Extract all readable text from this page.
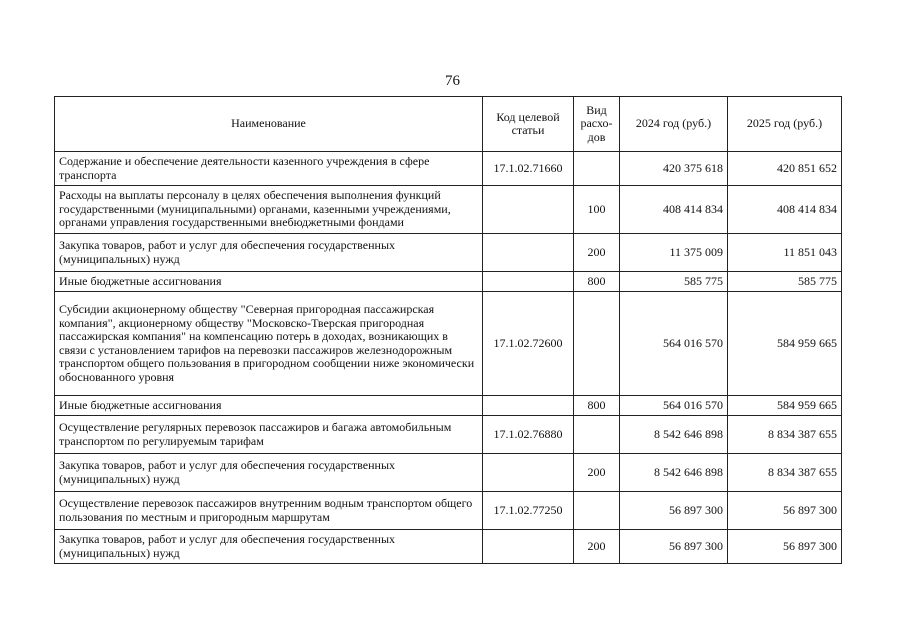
76
Наименование	Код целевой статьи	Вид расхо-дов	2024 год (руб.)	2025 год (руб.)
Содержание и обеспечение деятельности казенного учреждения в сфере транспорта	17.1.02.71660		420 375 618	420 851 652
Расходы на выплаты персоналу в целях обеспечения выполнения функций государственными (муниципальными) органами, казенными учреждениями, органами управления государственными внебюджетными фондами		100	408 414 834	408 414 834
Закупка товаров, работ и услуг для обеспечения государственных (муниципальных) нужд		200	11 375 009	11 851 043
Иные бюджетные ассигнования		800	585 775	585 775
Субсидии акционерному обществу "Северная пригородная пассажирская компания", акционерному обществу "Московско-Тверская пригородная пассажирская компания" на компенсацию потерь в доходах, возникающих в связи с установлением тарифов на перевозки пассажиров железнодорожным транспортом общего пользования в пригородном сообщении ниже экономически обоснованного уровня	17.1.02.72600		564 016 570	584 959 665
Иные бюджетные ассигнования		800	564 016 570	584 959 665
Осуществление регулярных перевозок пассажиров и багажа автомобильным транспортом по регулируемым тарифам	17.1.02.76880		8 542 646 898	8 834 387 655
Закупка товаров, работ и услуг для обеспечения государственных (муниципальных) нужд		200	8 542 646 898	8 834 387 655
Осуществление перевозок пассажиров внутренним водным транспортом общего пользования по местным и пригородным маршрутам	17.1.02.77250		56 897 300	56 897 300
Закупка товаров, работ и услуг для обеспечения государственных (муниципальных) нужд		200	56 897 300	56 897 300
